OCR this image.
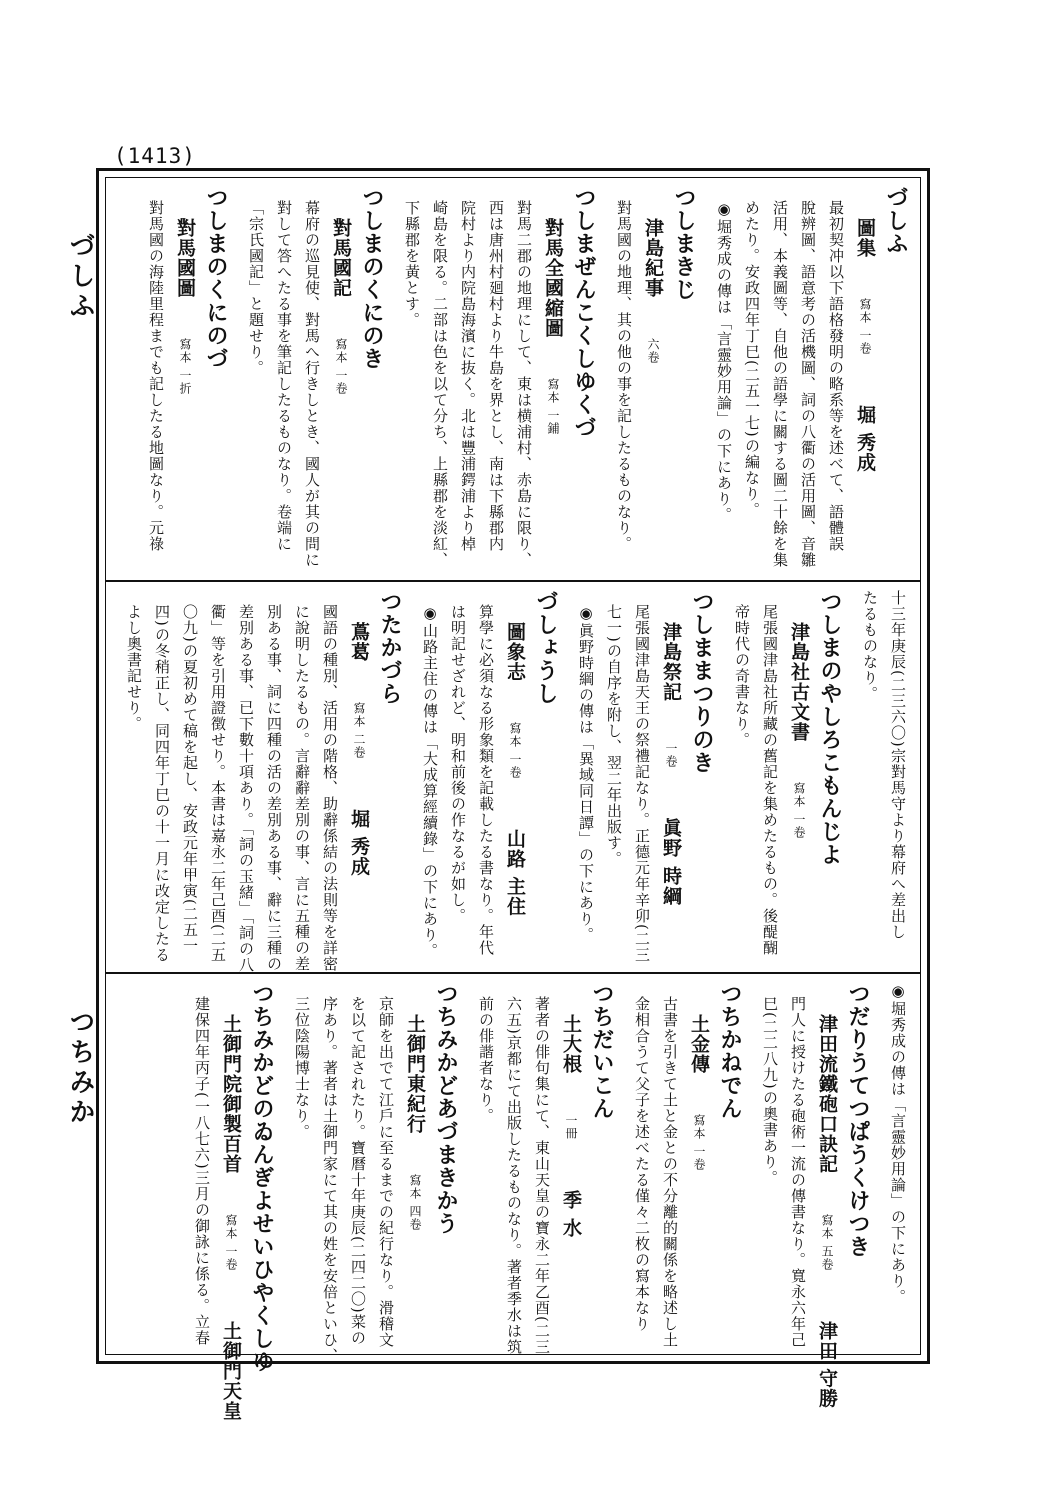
(1413)
づしふ
つちみか
づしふ
圖集寫本 一卷堀 秀成
最初契冲以下語格發明の略系等を述べて、語體誤
脫辨圖、語意考の活機圖、詞の八衢の活用圖、音雛
活用、本義圖等、自他の語學に關する圖二十餘を集
めたり。安政四年丁巳(二五一七)の編なり。
◉堀秀成の傳は「言靈妙用論」の下にあり。
つしまきじ
津島紀事六卷
對馬國の地理、其の他の事を記したるものなり。
つしまぜんこくしゆくづ
對馬全國縮圖寫本 一鋪
對馬二郡の地理にして、東は横浦村、赤島に限り、
西は唐州村廻村より牛島を界とし、南は下縣郡内
院村より内院島海濱に抜く。北は豐浦鍔浦より棹
崎島を限る。二部は色を以て分ち、上縣郡を淡紅、
下縣郡を黃とす。
つしまのくにのき
對馬國記寫本 一卷
幕府の巡見使、對馬へ行きしとき、國人が其の問に
對して答へたる事を筆記したるものなり。卷端に
「宗氏國記」と題せり。
つしまのくにのづ
對馬國圖寫本 一折
對馬國の海陸里程までも記したる地圖なり。元祿
十三年庚辰(二三六〇)宗對馬守より幕府へ差出し
たるものなり。
つしまのやしろこもんじよ
津島社古文書寫本 一卷
尾張國津島社所藏の舊記を集めたるもの。後醍醐
帝時代の奇書なり。
つしままつりのき
津島祭記一卷眞野 時綱
尾張國津島天王の祭禮記なり。正德元年辛卯(二三
七一)の自序を附し、翌二年出版す。
◉眞野時綱の傳は「異域同日譚」の下にあり。
づしょうし
圖象志寫本 一卷山路 主住
算學に必須なる形象類を記載したる書なり。年代
は明記せざれど、明和前後の作なるが如し。
◉山路主住の傳は「大成算經續錄」の下にあり。
つたかづら
蔦葛寫本 二卷堀 秀成
國語の種別、活用の階格、助辭係結の法則等を詳密
に說明したるもの。言辭辭差別の事、言に五種の差
別ある事、詞に四種の活の差別ある事、辭に三種の
差別ある事、已下數十項あり。「詞の玉緒」「詞の八
衢」等を引用證徴せり。本書は嘉永二年己酉(二五
〇九)の夏初めて稿を起し、安政元年甲寅(二五一
四)の冬稍正し、同四年丁巳の十一月に改定したる
よし奧書記せり。
◉堀秀成の傳は「言靈妙用論」の下にあり。
つだりうてつぱうくけつき
津田流鐵砲口訣記寫本 五卷津田 守勝
門人に授けたる砲術一流の傳書なり。寬永六年己
巳(二二八九)の奧書あり。
つちかねでん
土金傳寫本 一卷
古書を引きて土と金との不分離的關係を略述し土
金相合うて父子を述べたる僅々二枚の寫本なり
つちだいこん
土大根一冊季 水
著者の俳句集にて、東山天皇の寶永二年乙酉(二三
六五)京都にて出版したるものなり。著者季水は筑
前の俳諧者なり。
つちみかどあづまきかう
土御門東紀行寫本 四卷
京師を出でて江戶に至るまでの紀行なり。滑稽文
を以て記されたり。寶曆十年庚辰(二四二〇)菜の
序あり。著者は土御門家にて其の姓を安倍といひ、
三位陰陽博士なり。
つちみかどのゐんぎよせいひやくしゆ
土御門院御製百首寫本 一卷土御門天皇
建保四年丙子(一八七六)三月の御詠に係る。立春
